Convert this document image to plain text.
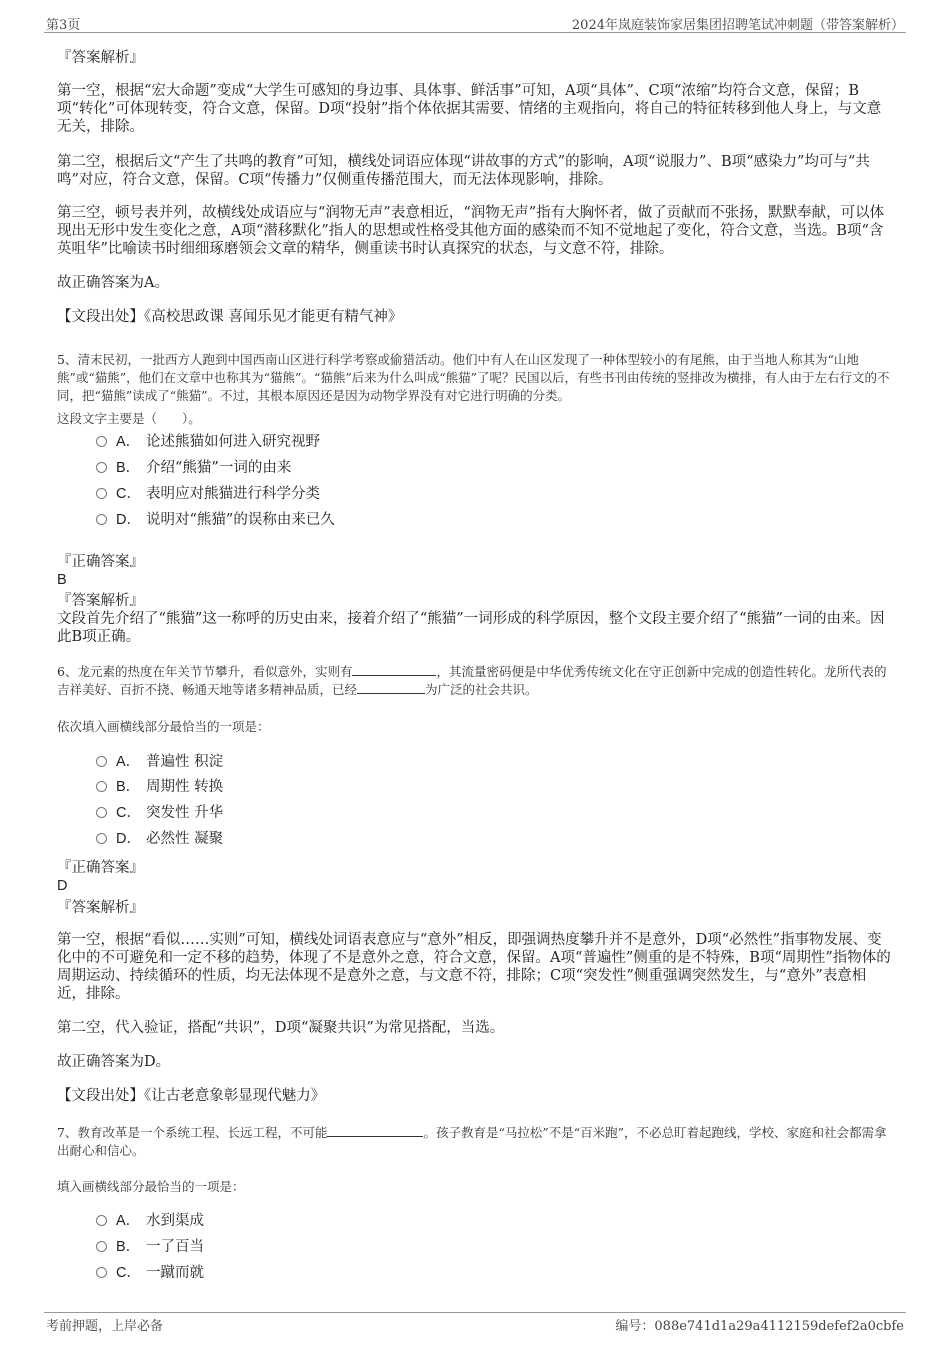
第3页	2024年岚庭装饰家居集团招聘笔试冲刺题（带答案解析）

『答案解析』

第一空，根据“宏大命题”变成“大学生可感知的身边事、具体事、鲜活事”可知，A项“具体”、C项“浓缩”均符合文意，保留；B项“转化”可体现转变，符合文意，保留。D项“投射”指个体依据其需要、情绪的主观指向，将自己的特征转移到他人身上，与文意无关，排除。

第二空，根据后文“产生了共鸣的教育”可知，横线处词语应体现“讲故事的方式”的影响，A项“说服力”、B项“感染力”均可与“共鸣”对应，符合文意，保留。C项“传播力”仅侧重传播范围大，而无法体现影响，排除。

第三空，顿号表并列，故横线处成语应与“润物无声”表意相近，“润物无声”指有大胸怀者，做了贡献而不张扬，默默奉献，可以体现出无形中发生变化之意，A项“潜移默化”指人的思想或性格受其他方面的感染而不知不觉地起了变化，符合文意，当选。B项“含英咀华”比喻读书时细细琢磨领会文章的精华，侧重读书时认真探究的状态，与文意不符，排除。

故正确答案为A。

【文段出处】《高校思政课 喜闻乐见才能更有精气神》

5、清末民初，一批西方人跑到中国西南山区进行科学考察或偷猎活动。他们中有人在山区发现了一种体型较小的有尾熊，由于当地人称其为“山地熊”或“猫熊”，他们在文章中也称其为“猫熊”。“猫熊”后来为什么叫成“熊猫”了呢？民国以后，有些书刊由传统的竖排改为横排，有人由于左右行文的不同，把“猫熊”读成了“熊猫”。不过，其根本原因还是因为动物学界没有对它进行明确的分类。

这段文字主要是（　　）。

A． 论述熊猫如何进入研究视野
B． 介绍“熊猫”一词的由来
C． 表明应对熊猫进行科学分类
D． 说明对“熊猫”的误称由来已久

『正确答案』

B

『答案解析』

文段首先介绍了“熊猫”这一称呼的历史由来，接着介绍了“熊猫”一词形成的科学原因，整个文段主要介绍了“熊猫”一词的由来。因此B项正确。

6、龙元素的热度在年关节节攀升，看似意外，实则有	，其流量密码便是中华优秀传统文化在守正创新中完成的创造性转化。龙所代表的吉祥美好、百折不挠、畅通天地等诸多精神品质，已经	为广泛的社会共识。

依次填入画横线部分最恰当的一项是：

A． 普遍性 积淀
B． 周期性 转换
C． 突发性 升华
D． 必然性 凝聚

『正确答案』

D

『答案解析』

第一空，根据“看似……实则”可知，横线处词语表意应与“意外”相反，即强调热度攀升并不是意外，D项“必然性”指事物发展、变化中的不可避免和一定不移的趋势，体现了不是意外之意，符合文意，保留。A项“普遍性”侧重的是不特殊，B项“周期性”指物体的周期运动、持续循环的性质，均无法体现不是意外之意，与文意不符，排除；C项“突发性”侧重强调突然发生，与“意外”表意相近，排除。

第二空，代入验证，搭配“共识”，D项“凝聚共识”为常见搭配，当选。

故正确答案为D。

【文段出处】《让古老意象彰显现代魅力》

7、教育改革是一个系统工程、长远工程，不可能	。孩子教育是“马拉松”不是“百米跑”，不必总盯着起跑线，学校、家庭和社会都需拿出耐心和信心。

填入画横线部分最恰当的一项是：

A． 水到渠成
B． 一了百当
C． 一蹴而就
考前押题，上岸必备	编号：088e741d1a29a4112159defef2a0cbfe
